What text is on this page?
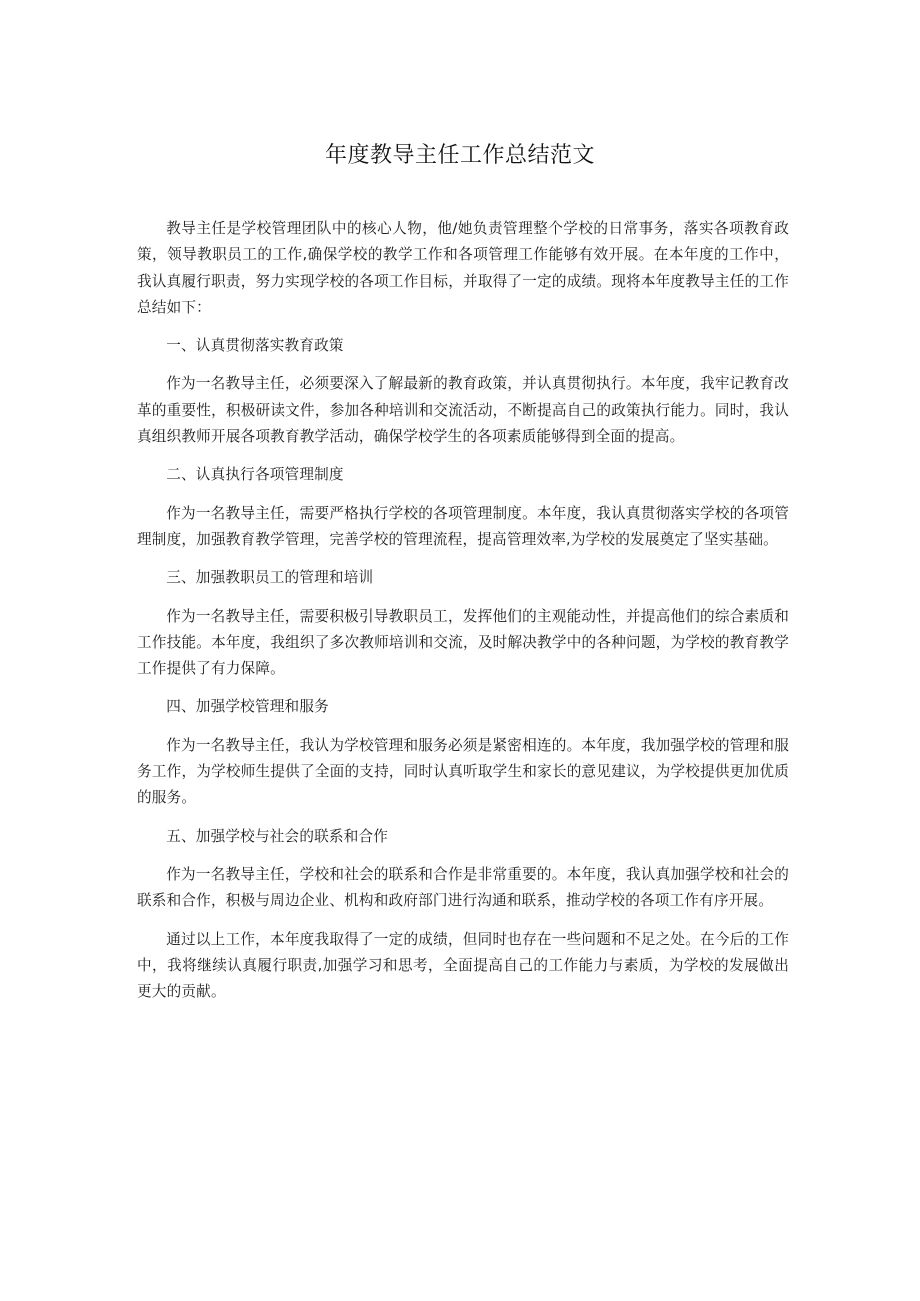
年度教导主任工作总结范文

教导主任是学校管理团队中的核心人物，他/她负责管理整个学校的日常事务，落实各项教育政策，领导教职员工的工作,确保学校的教学工作和各项管理工作能够有效开展。在本年度的工作中，我认真履行职责，努力实现学校的各项工作目标，并取得了一定的成绩。现将本年度教导主任的工作总结如下：

一、认真贯彻落实教育政策

作为一名教导主任，必须要深入了解最新的教育政策，并认真贯彻执行。本年度，我牢记教育改革的重要性，积极研读文件，参加各种培训和交流活动，不断提高自己的政策执行能力。同时，我认真组织教师开展各项教育教学活动，确保学校学生的各项素质能够得到全面的提高。

二、认真执行各项管理制度

作为一名教导主任，需要严格执行学校的各项管理制度。本年度，我认真贯彻落实学校的各项管理制度，加强教育教学管理，完善学校的管理流程，提高管理效率,为学校的发展奠定了坚实基础。

三、加强教职员工的管理和培训

作为一名教导主任，需要积极引导教职员工，发挥他们的主观能动性，并提高他们的综合素质和工作技能。本年度，我组织了多次教师培训和交流，及时解决教学中的各种问题，为学校的教育教学工作提供了有力保障。

四、加强学校管理和服务

作为一名教导主任，我认为学校管理和服务必须是紧密相连的。本年度，我加强学校的管理和服务工作，为学校师生提供了全面的支持，同时认真听取学生和家长的意见建议，为学校提供更加优质的服务。

五、加强学校与社会的联系和合作

作为一名教导主任，学校和社会的联系和合作是非常重要的。本年度，我认真加强学校和社会的联系和合作，积极与周边企业、机构和政府部门进行沟通和联系，推动学校的各项工作有序开展。

通过以上工作，本年度我取得了一定的成绩，但同时也存在一些问题和不足之处。在今后的工作中，我将继续认真履行职责,加强学习和思考，全面提高自己的工作能力与素质，为学校的发展做出更大的贡献。
